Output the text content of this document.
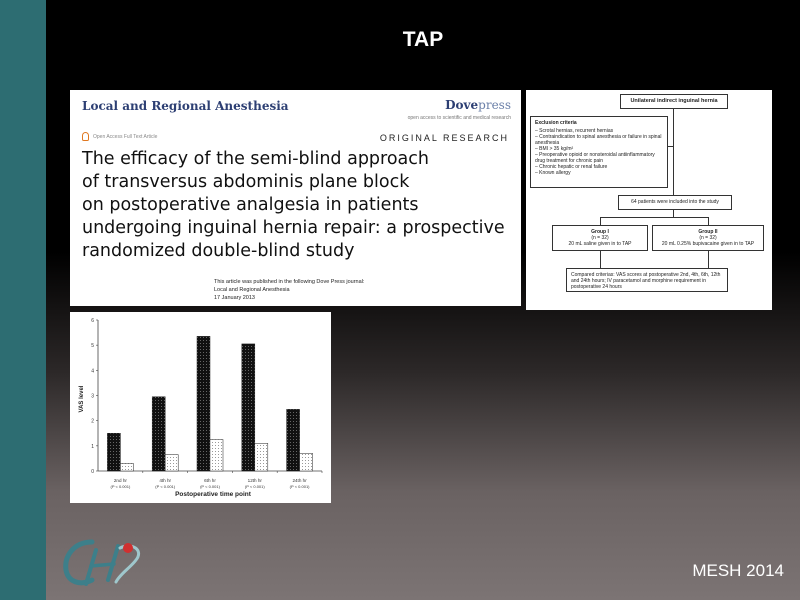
TAP
Local and Regional Anesthesia	Dovepress
open access to scientific and medical research
Open Access Full Text Article	ORIGINAL RESEARCH
The efficacy of the semi-blind approach
of transversus abdominis plane block
on postoperative analgesia in patients
undergoing inguinal hernia repair: a prospective
randomized double-blind study
This article was published in the following Dove Press journal:
Local and Regional Anesthesia
17 January 2013
Unilateral indirect inguinal hernia
Exclusion criteria
– Scrotal hernias, recurrent hernias
– Contraindication to spinal anesthesia or failure in spinal anesthesia
– BMI > 35 kg/m²
– Preoperative opioid or nonsteroidal antiinflammatory drug treatment for chronic pain
– Chronic hepatic or renal failure
– Known allergy
64 patients were included into the study
Group I
(n = 32)
20 mL saline given in to TAP
Group II
(n = 32)
20 mL 0.25% bupivacaine given in to TAP
Compared criterias: VAS scores at postoperative 2nd, 4th, 6th, 12th and 24th hours; IV paracetamol and morphine requirement in postoperative 24 hours
0
1
2
3
4
5
6
2nd hr
(P < 0.001)
4th hr
(P < 0.001)
6th hr
(P < 0.001)
12th hr
(P < 0.001)
24th hr
(P < 0.001)
VAS level
Postoperative time point
MESH 2014
